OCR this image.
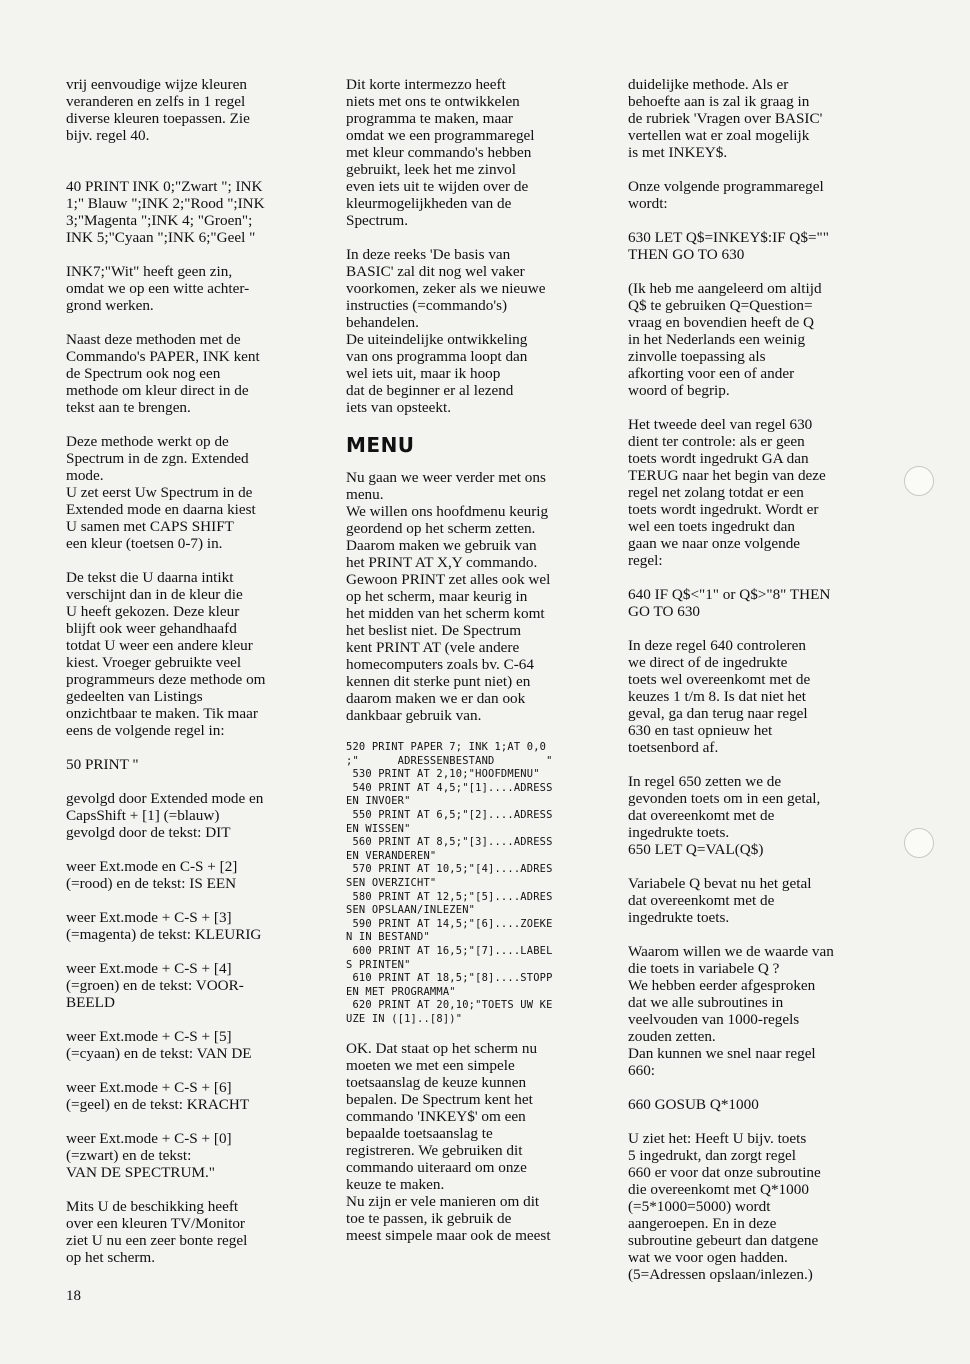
vrij eenvoudige wijze kleuren
veranderen en zelfs in 1 regel
diverse kleuren toepassen. Zie
bijv. regel 40.

40 PRINT INK 0;"Zwart "; INK
1;" Blauw ";INK 2;"Rood ";INK
3;"Magenta ";INK 4; "Groen";
INK 5;"Cyaan ";INK 6;"Geel "

INK7;"Wit" heeft geen zin,
omdat we op een witte achter-
grond werken.

Naast deze methoden met de
Commando's PAPER, INK kent
de Spectrum ook nog een
methode om kleur direct in de
tekst aan te brengen.

Deze methode werkt op de
Spectrum in de zgn. Extended
mode.
U zet eerst Uw Spectrum in de
Extended mode en daarna kiest
U samen met CAPS SHIFT
een kleur (toetsen 0-7) in.

De tekst die U daarna intikt
verschijnt dan in de kleur die
U heeft gekozen. Deze kleur
blijft ook weer gehandhaafd
totdat U weer een andere kleur
kiest. Vroeger gebruikte veel
programmeurs deze methode om
gedeelten van Listings
onzichtbaar te maken. Tik maar
eens de volgende regel in:

50 PRINT "

gevolgd door Extended mode en
CapsShift + [1] (=blauw)
gevolgd door de tekst: DIT

weer Ext.mode en C-S + [2]
(=rood) en de tekst: IS EEN

weer Ext.mode + C-S + [3]
(=magenta) de tekst: KLEURIG

weer Ext.mode + C-S + [4]
(=groen) en de tekst: VOOR-
BEELD

weer Ext.mode + C-S + [5]
(=cyaan) en de tekst: VAN DE

weer Ext.mode + C-S + [6]
(=geel) en de tekst: KRACHT

weer Ext.mode + C-S + [0]
(=zwart) en de tekst:
VAN DE SPECTRUM."

Mits U de beschikking heeft
over een kleuren TV/Monitor
ziet U nu een zeer bonte regel
op het scherm.

Dit korte intermezzo heeft
niets met ons te ontwikkelen
programma te maken, maar
omdat we een programmaregel
met kleur commando's hebben
gebruikt, leek het me zinvol
even iets uit te wijden over de
kleurmogelijkheden van de
Spectrum.

In deze reeks 'De basis van
BASIC' zal dit nog wel vaker
voorkomen, zeker als we nieuwe
instructies (=commando's)
behandelen.
De uiteindelijke ontwikkeling
van ons programma loopt dan
wel iets uit, maar ik hoop
dat de beginner er al lezend
iets van opsteekt.

MENU

Nu gaan we weer verder met ons
menu.
We willen ons hoofdmenu keurig
geordend op het scherm zetten.
Daarom maken we gebruik van
het PRINT AT X,Y commando.
Gewoon PRINT zet alles ook wel
op het scherm, maar keurig in
het midden van het scherm komt
het beslist niet. De Spectrum
kent PRINT AT (vele andere
homecomputers zoals bv. C-64
kennen dit sterke punt niet) en
daarom maken we er dan ook
dankbaar gebruik van.

520 PRINT PAPER 7; INK 1;AT 0,0
;"      ADRESSENBESTAND        "
530 PRINT AT 2,10;"HOOFDMENU"
540 PRINT AT 4,5;"[1]....ADRESS
EN INVOER"
550 PRINT AT 6,5;"[2]....ADRESS
EN WISSEN"
560 PRINT AT 8,5;"[3]....ADRESS
EN VERANDEREN"
570 PRINT AT 10,5;"[4]....ADRES
SEN OVERZICHT"
580 PRINT AT 12,5;"[5]....ADRES
SEN OPSLAAN/INLEZEN"
590 PRINT AT 14,5;"[6]....ZOEKE
N IN BESTAND"
600 PRINT AT 16,5;"[7]....LABEL
S PRINTEN"
610 PRINT AT 18,5;"[8]....STOPP
EN MET PROGRAMMA"
620 PRINT AT 20,10;"TOETS UW KE
UZE IN ([1]..[8])"

OK. Dat staat op het scherm nu
moeten we met een simpele
toetsaanslag de keuze kunnen
bepalen. De Spectrum kent het
commando 'INKEY$' om een
bepaalde toetsaanslag te
registreren. We gebruiken dit
commando uiteraard om onze
keuze te maken.
Nu zijn er vele manieren om dit
toe te passen, ik gebruik de
meest simpele maar ook de meest

duidelijke methode. Als er
behoefte aan is zal ik graag in
de rubriek 'Vragen over BASIC'
vertellen wat er zoal mogelijk
is met INKEY$.

Onze volgende programmaregel
wordt:

630 LET Q$=INKEY$:IF Q$=""
THEN GO TO 630

(Ik heb me aangeleerd om altijd
Q$ te gebruiken Q=Question=
vraag en bovendien heeft de Q
in het Nederlands een weinig
zinvolle toepassing als
afkorting voor een of ander
woord of begrip.

Het tweede deel van regel 630
dient ter controle: als er geen
toets wordt ingedrukt GA dan
TERUG naar het begin van deze
regel net zolang totdat er een
toets wordt ingedrukt. Wordt er
wel een toets ingedrukt dan
gaan we naar onze volgende
regel:

640 IF Q$<"1" or Q$>"8" THEN
GO TO 630

In deze regel 640 controleren
we direct of de ingedrukte
toets wel overeenkomt met de
keuzes 1 t/m 8. Is dat niet het
geval, ga dan terug naar regel
630 en tast opnieuw het
toetsenbord af.

In regel 650 zetten we de
gevonden toets om in een getal,
dat overeenkomt met de
ingedrukte toets.
650 LET Q=VAL(Q$)

Variabele Q bevat nu het getal
dat overeenkomt met de
ingedrukte toets.

Waarom willen we de waarde van
die toets in variabele Q ?
We hebben eerder afgesproken
dat we alle subroutines in
veelvouden van 1000-regels
zouden zetten.
Dan kunnen we snel naar regel
660:

660 GOSUB Q*1000

U ziet het: Heeft U bijv. toets
5 ingedrukt, dan zorgt regel
660 er voor dat onze subroutine
die overeenkomt met Q*1000
(=5*1000=5000) wordt
aangeroepen. En in deze
subroutine gebeurt dan datgene
wat we voor ogen hadden.
(5=Adressen opslaan/inlezen.)

18
